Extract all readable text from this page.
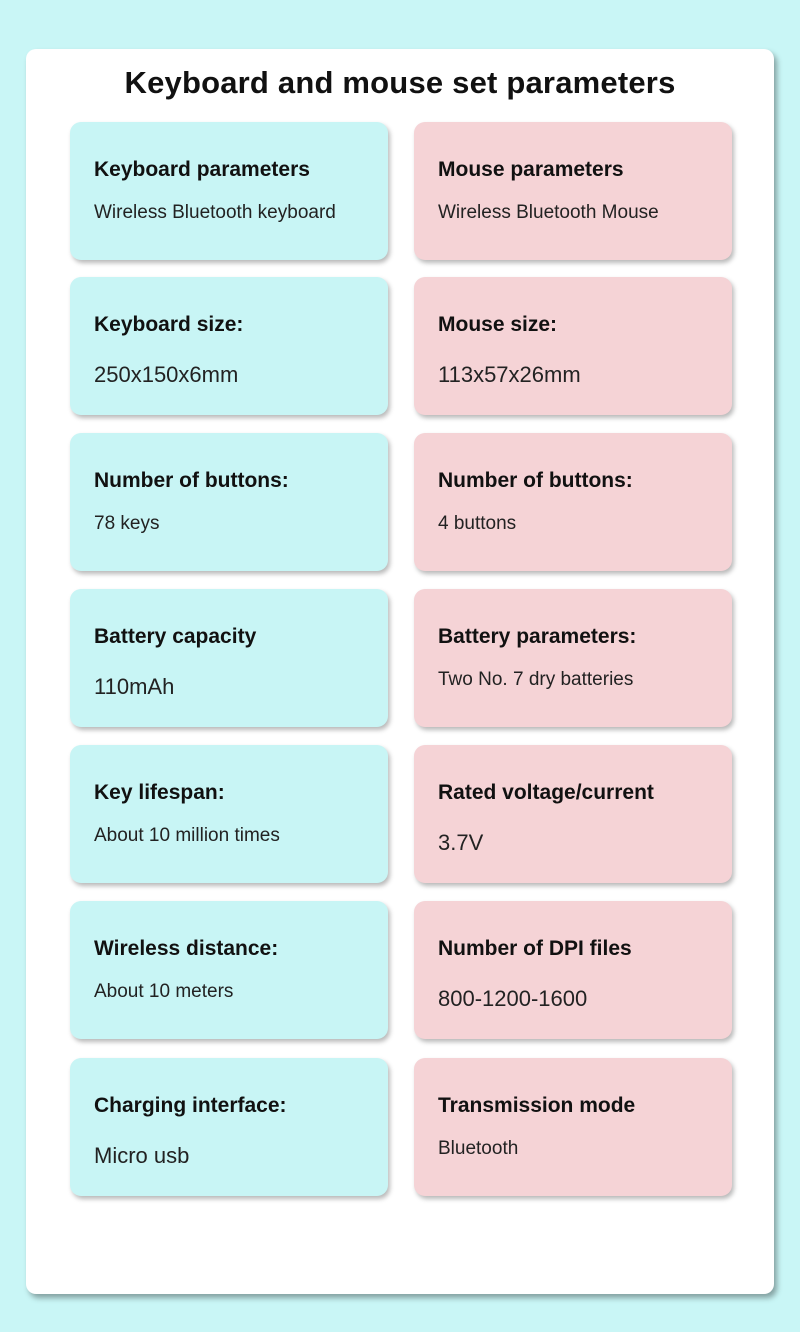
Keyboard and mouse set parameters
Keyboard parameters
Wireless Bluetooth keyboard
Keyboard size:
250x150x6mm
Number of buttons:
78 keys
Battery capacity
110mAh
Key lifespan:
About 10 million times
Wireless distance:
About 10 meters
Charging interface:
Micro usb
Mouse parameters
Wireless Bluetooth Mouse
Mouse size:
113x57x26mm
Number of buttons:
4 buttons
Battery parameters:
Two No. 7 dry batteries
Rated voltage/current
3.7V
Number of DPI files
800-1200-1600
Transmission mode
Bluetooth
